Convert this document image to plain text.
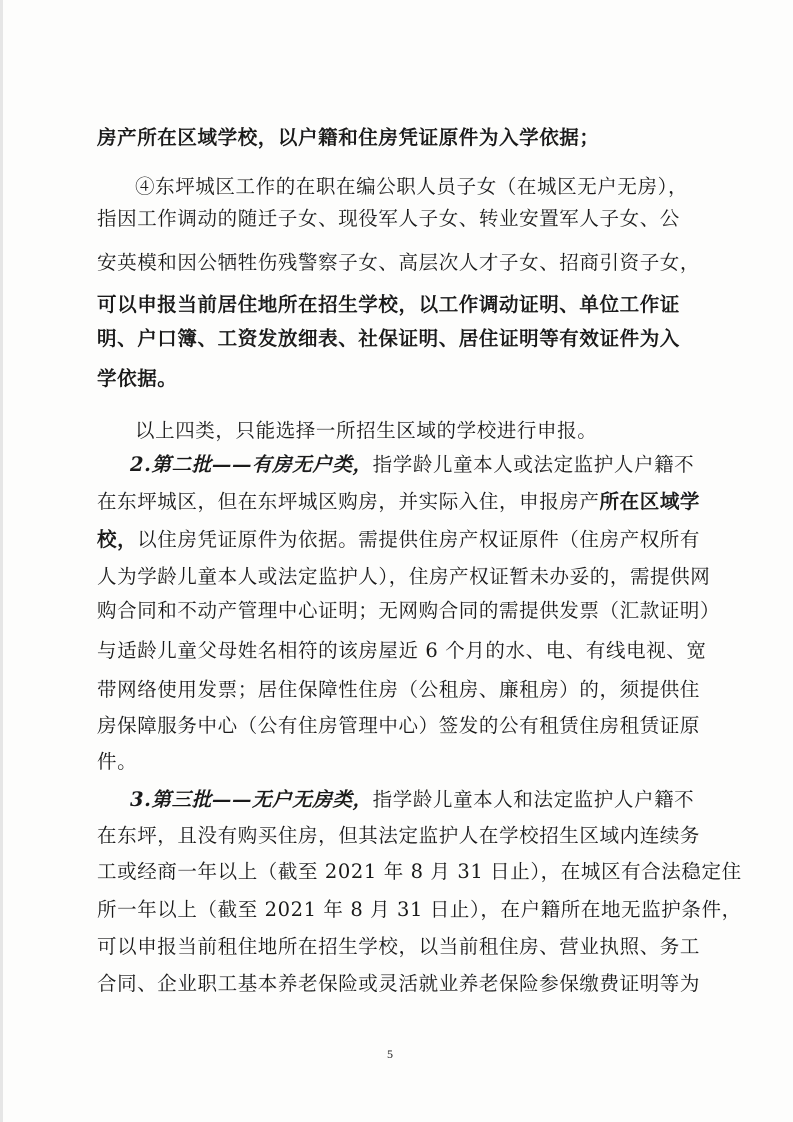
房产所在区域学校，以户籍和住房凭证原件为入学依据；
④东坪城区工作的在职在编公职人员子女（在城区无户无房），
指因工作调动的随迁子女、现役军人子女、转业安置军人子女、公
安英模和因公牺牲伤残警察子女、高层次人才子女、招商引资子女，
可以申报当前居住地所在招生学校，以工作调动证明、单位工作证
明、户口簿、工资发放细表、社保证明、居住证明等有效证件为入
学依据。
以上四类，只能选择一所招生区域的学校进行申报。
2.第二批——有房无户类，指学龄儿童本人或法定监护人户籍不
在东坪城区，但在东坪城区购房，并实际入住，申报房产所在区域学
校，以住房凭证原件为依据。需提供住房产权证原件（住房产权所有
人为学龄儿童本人或法定监护人），住房产权证暂未办妥的，需提供网
购合同和不动产管理中心证明；无网购合同的需提供发票（汇款证明）
与适龄儿童父母姓名相符的该房屋近 6 个月的水、电、有线电视、宽
带网络使用发票；居住保障性住房（公租房、廉租房）的，须提供住
房保障服务中心（公有住房管理中心）签发的公有租赁住房租赁证原
件。
3.第三批——无户无房类，指学龄儿童本人和法定监护人户籍不
在东坪，且没有购买住房，但其法定监护人在学校招生区域内连续务
工或经商一年以上（截至 2021 年 8 月 31 日止），在城区有合法稳定住
所一年以上（截至 2021 年 8 月 31 日止），在户籍所在地无监护条件，
可以申报当前租住地所在招生学校，以当前租住房、营业执照、务工
合同、企业职工基本养老保险或灵活就业养老保险参保缴费证明等为
5
